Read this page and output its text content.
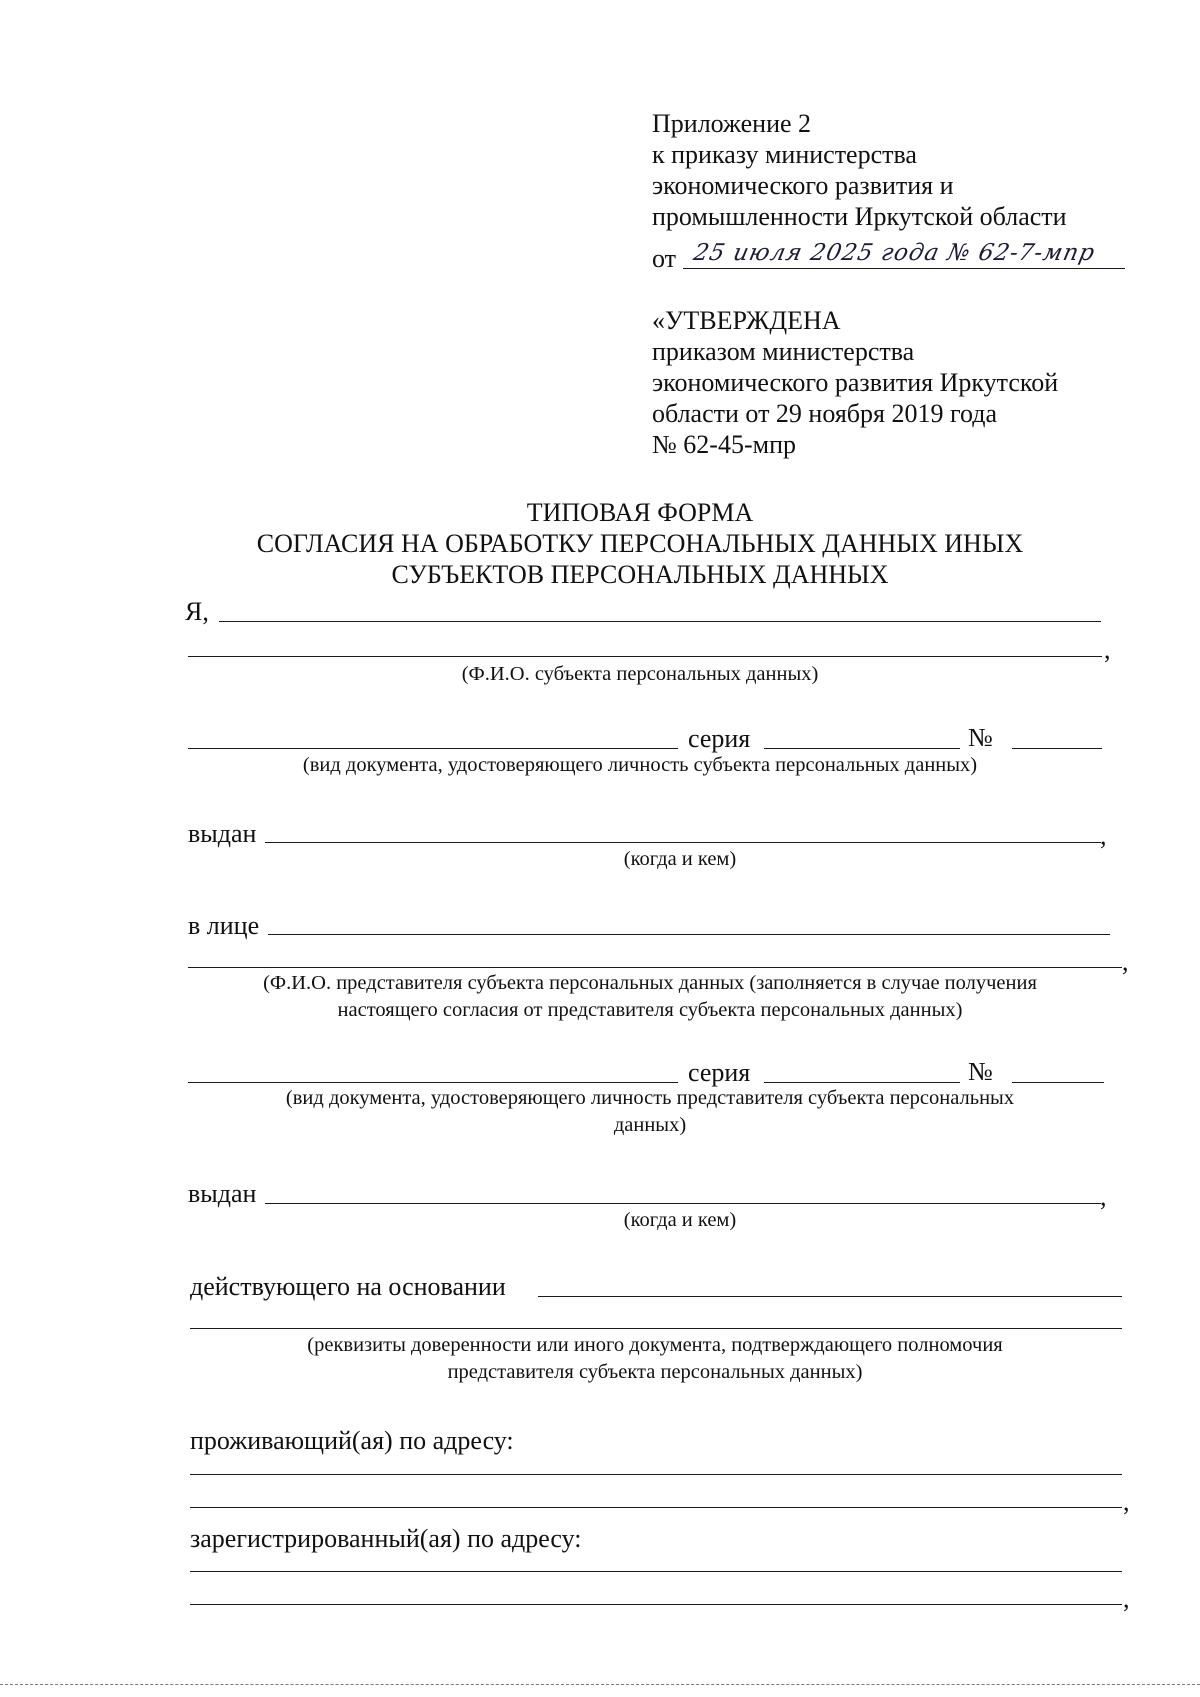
Приложение 2
к приказу министерства
экономического развития и
промышленности Иркутской области
от 25 июля 2025 года № 62-7-мпр
«УТВЕРЖДЕНА
приказом министерства
экономического развития Иркутской
области от 29 ноября 2019 года
№ 62-45-мпр
ТИПОВАЯ ФОРМА
СОГЛАСИЯ НА ОБРАБОТКУ ПЕРСОНАЛЬНЫХ ДАННЫХ ИНЫХ
СУБЪЕКТОВ ПЕРСОНАЛЬНЫХ ДАННЫХ
Я,
,
(Ф.И.О. субъекта персональных данных)
серия	№
(вид документа, удостоверяющего личность субъекта персональных данных)
выдан	,
(когда и кем)
в лице
,
(Ф.И.О. представителя субъекта персональных данных (заполняется в случае получения
настоящего согласия от представителя субъекта персональных данных)
серия	№
(вид документа, удостоверяющего личность представителя субъекта персональных
данных)
выдан	,
(когда и кем)
действующего на основании
(реквизиты доверенности или иного документа, подтверждающего полномочия
представителя субъекта персональных данных)
проживающий(ая) по адресу:
,
зарегистрированный(ая) по адресу:
,
